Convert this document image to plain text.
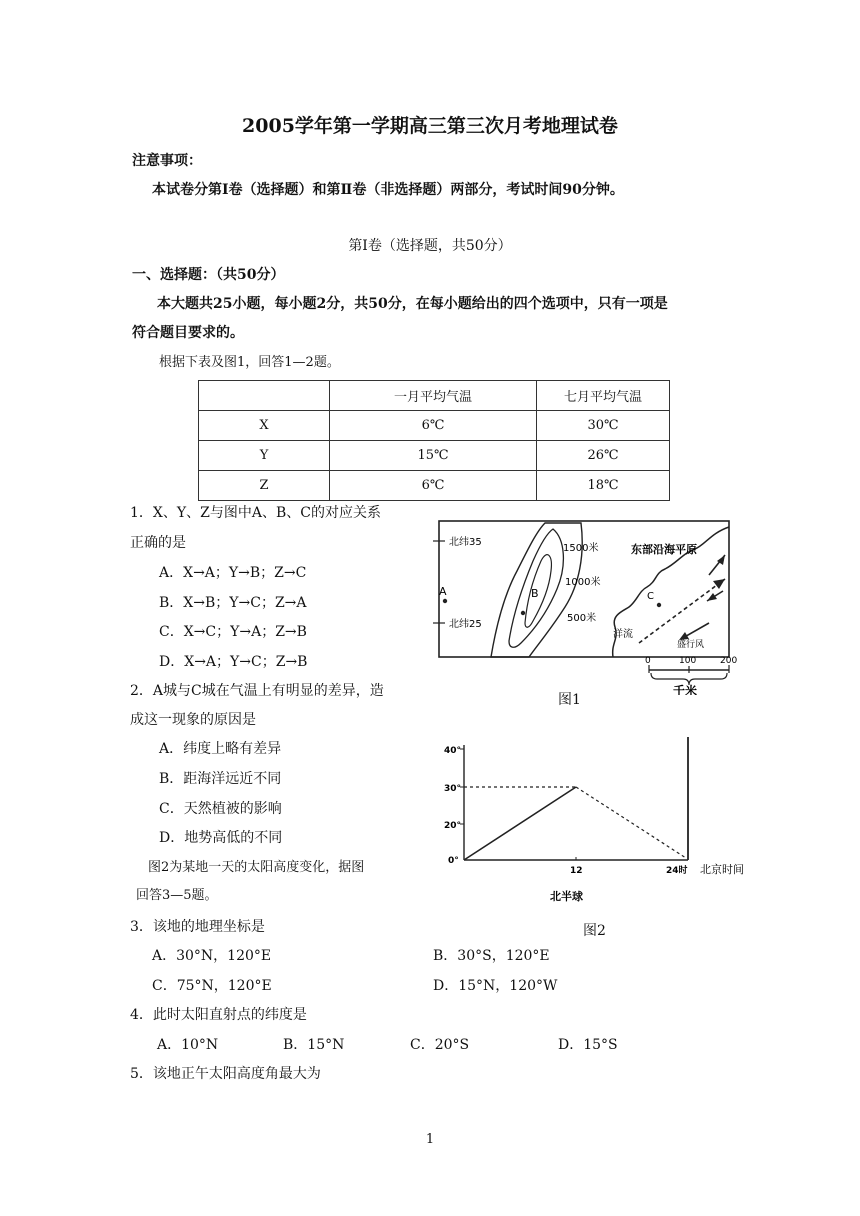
2005学年第一学期高三第三次月考地理试卷
注意事项：
本试卷分第Ⅰ卷（选择题）和第Ⅱ卷（非选择题）两部分，考试时间90分钟。
第Ⅰ卷（选择题，共50分）
一、选择题：（共50分）
本大题共25小题，每小题2分，共50分，在每小题给出的四个选项中，只有一项是
符合题目要求的。
根据下表及图1，回答1—2题。
	一月平均气温	七月平均气温
X	6℃	30℃
Y	15℃	26℃
Z	6℃	18℃
1．X、Y、Z与图中A、B、C的对应关系
正确的是
A．X→A；Y→B；Z→C
B．X→B；Y→C；Z→A
C．X→C；Y→A；Z→B
D．X→A；Y→C；Z→B
2．A城与C城在气温上有明显的差异，造
成这一现象的原因是
A．纬度上略有差异
B．距海洋远近不同
C．天然植被的影响
D．地势高低的不同
图2为某地一天的太阳高度变化，据图
回答3—5题。
3．该地的地理坐标是
A．30°N，120°E	B．30°S，120°E
C．75°N，120°E	D．15°N，120°W
4．此时太阳直射点的纬度是
A．10°N	B．15°N	C．20°S	D．15°S
5．该地正午太阳高度角最大为
1
北纬35
北纬25
A	B	C
1500米
1000米
500米
东部沿海平原
洋流
盛行风
0	100	200
千米
图1
40°
30°
20°
0°
12	24时 北京时间
北半球
图2
